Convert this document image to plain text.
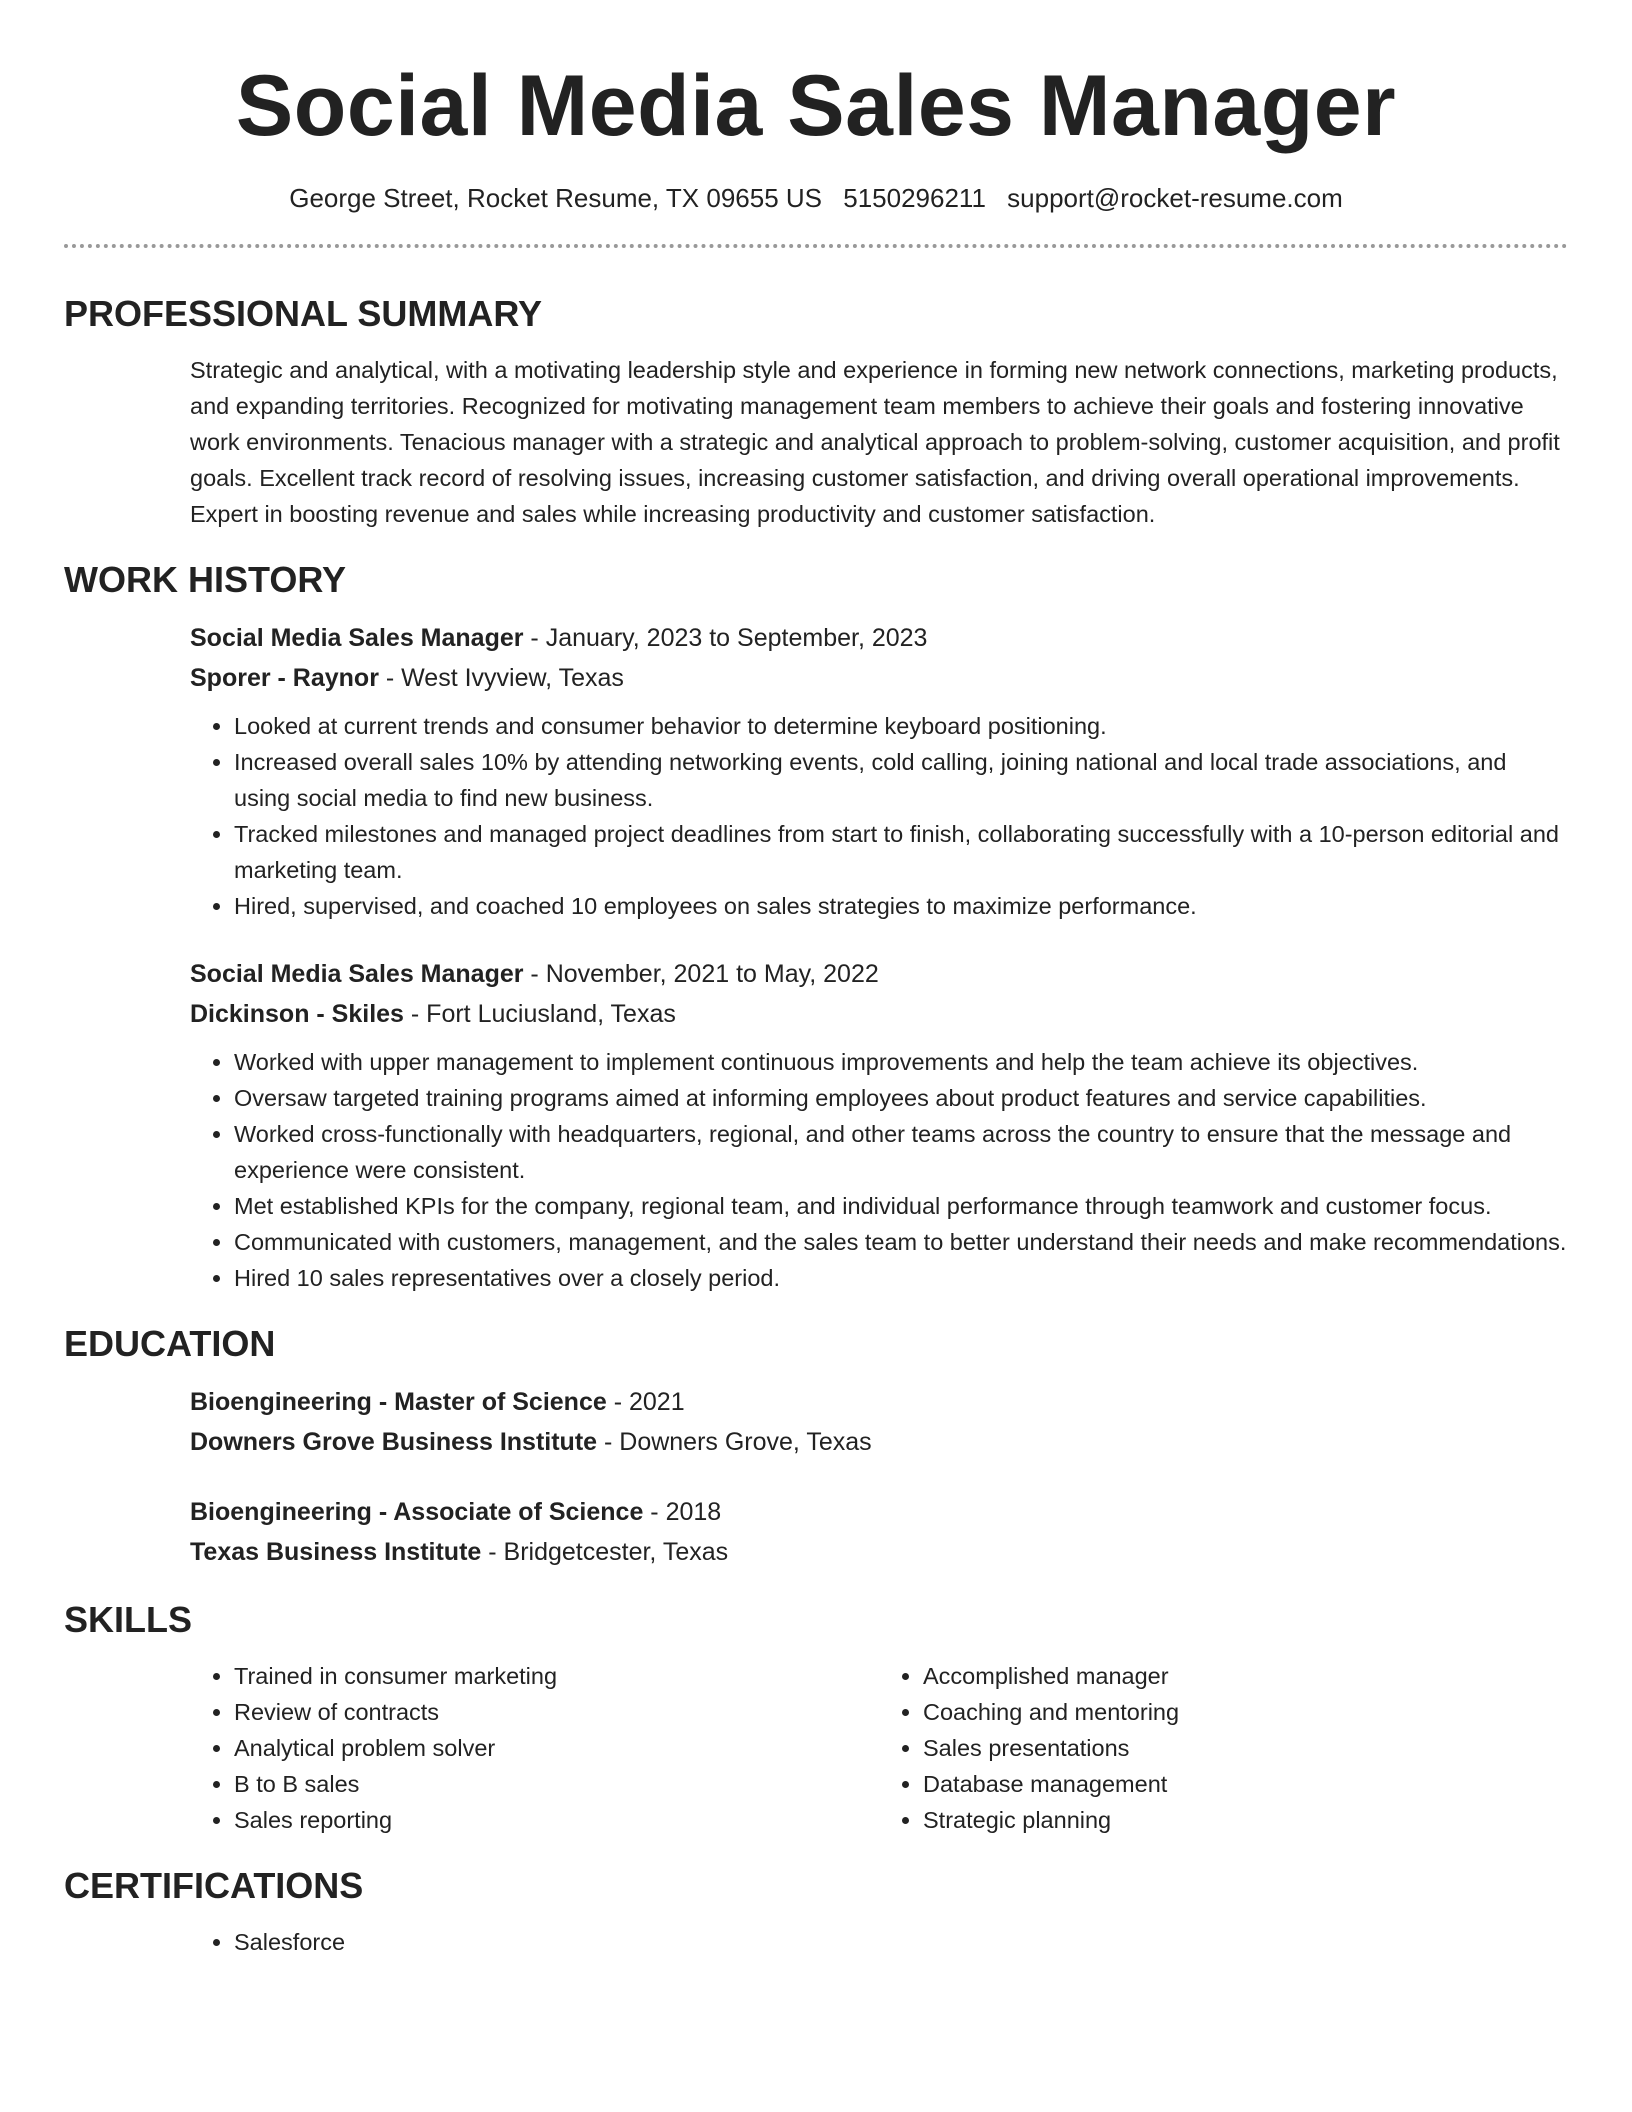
Social Media Sales Manager
George Street, Rocket Resume, TX 09655 US 5150296211 support@rocket-resume.com
PROFESSIONAL SUMMARY

Strategic and analytical, with a motivating leadership style and experience in forming new network connections, marketing products, and expanding territories. Recognized for motivating management team members to achieve their goals and fostering innovative work environments. Tenacious manager with a strategic and analytical approach to problem-solving, customer acquisition, and profit goals. Excellent track record of resolving issues, increasing customer satisfaction, and driving overall operational improvements. Expert in boosting revenue and sales while increasing productivity and customer satisfaction.

WORK HISTORY
Social Media Sales Manager - January, 2023 to September, 2023
Sporer - Raynor - West Ivyview, Texas
• Looked at current trends and consumer behavior to determine keyboard positioning.
• Increased overall sales 10% by attending networking events, cold calling, joining national and local trade associations, and using social media to find new business.
• Tracked milestones and managed project deadlines from start to finish, collaborating successfully with a 10-person editorial and marketing team.
• Hired, supervised, and coached 10 employees on sales strategies to maximize performance.
Social Media Sales Manager - November, 2021 to May, 2022
Dickinson - Skiles - Fort Luciusland, Texas
• Worked with upper management to implement continuous improvements and help the team achieve its objectives.
• Oversaw targeted training programs aimed at informing employees about product features and service capabilities.
• Worked cross-functionally with headquarters, regional, and other teams across the country to ensure that the message and experience were consistent.
• Met established KPIs for the company, regional team, and individual performance through teamwork and customer focus.
• Communicated with customers, management, and the sales team to better understand their needs and make recommendations.
• Hired 10 sales representatives over a closely period.
EDUCATION
Bioengineering - Master of Science - 2021
Downers Grove Business Institute - Downers Grove, Texas
Bioengineering - Associate of Science - 2018
Texas Business Institute - Bridgetcester, Texas
SKILLS
• Trained in consumer marketing
• Review of contracts
• Analytical problem solver
• B to B sales
• Sales reporting
• Accomplished manager
• Coaching and mentoring
• Sales presentations
• Database management
• Strategic planning
CERTIFICATIONS
• Salesforce
